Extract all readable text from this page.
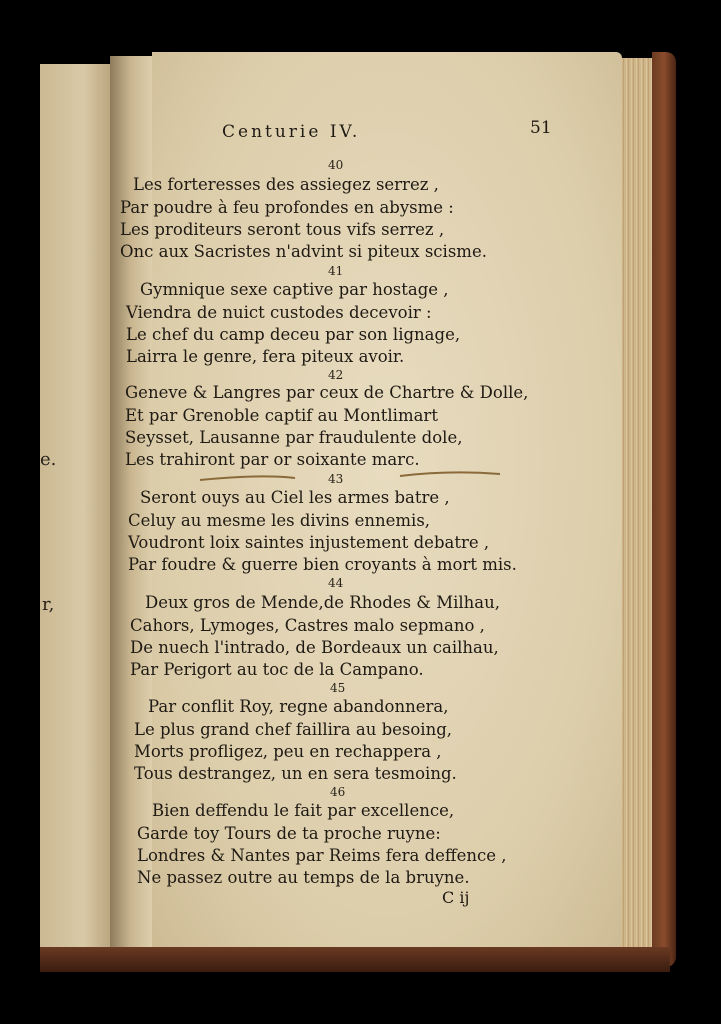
e.
r,
Centurie IV.	51
40
Les forteresses des assiegez serrez ,
Par poudre à feu profondes en abysme :
Les proditeurs seront tous vifs serrez ,
Onc aux Sacristes n'advint si piteux scisme.
41
Gymnique sexe captive par hostage ,
Viendra de nuict custodes decevoir :
Le chef du camp deceu par son lignage,
Lairra le genre, fera piteux avoir.
42
Geneve & Langres par ceux de Chartre & Dolle,
Et par Grenoble captif au Montlimart
Seysset, Lausanne par fraudulente dole,
Les trahiront par or soixante marc.
43
Seront ouys au Ciel les armes batre ,
Celuy au mesme les divins ennemis,
Voudront loix saintes injustement debatre ,
Par foudre & guerre bien croyants à mort mis.
44
Deux gros de Mende,de Rhodes & Milhau,
Cahors, Lymoges, Castres malo sepmano ,
De nuech l'intrado, de Bordeaux un cailhau,
Par Perigort au toc de la Campano.
45
Par conflit Roy, regne abandonnera,
Le plus grand chef faillira au besoing,
Morts profligez, peu en rechappera ,
Tous destrangez, un en sera tesmoing.
46
Bien deffendu le fait par excellence,
Garde toy Tours de ta proche ruyne:
Londres & Nantes par Reims fera deffence ,
Ne passez outre au temps de la bruyne.
C ij
